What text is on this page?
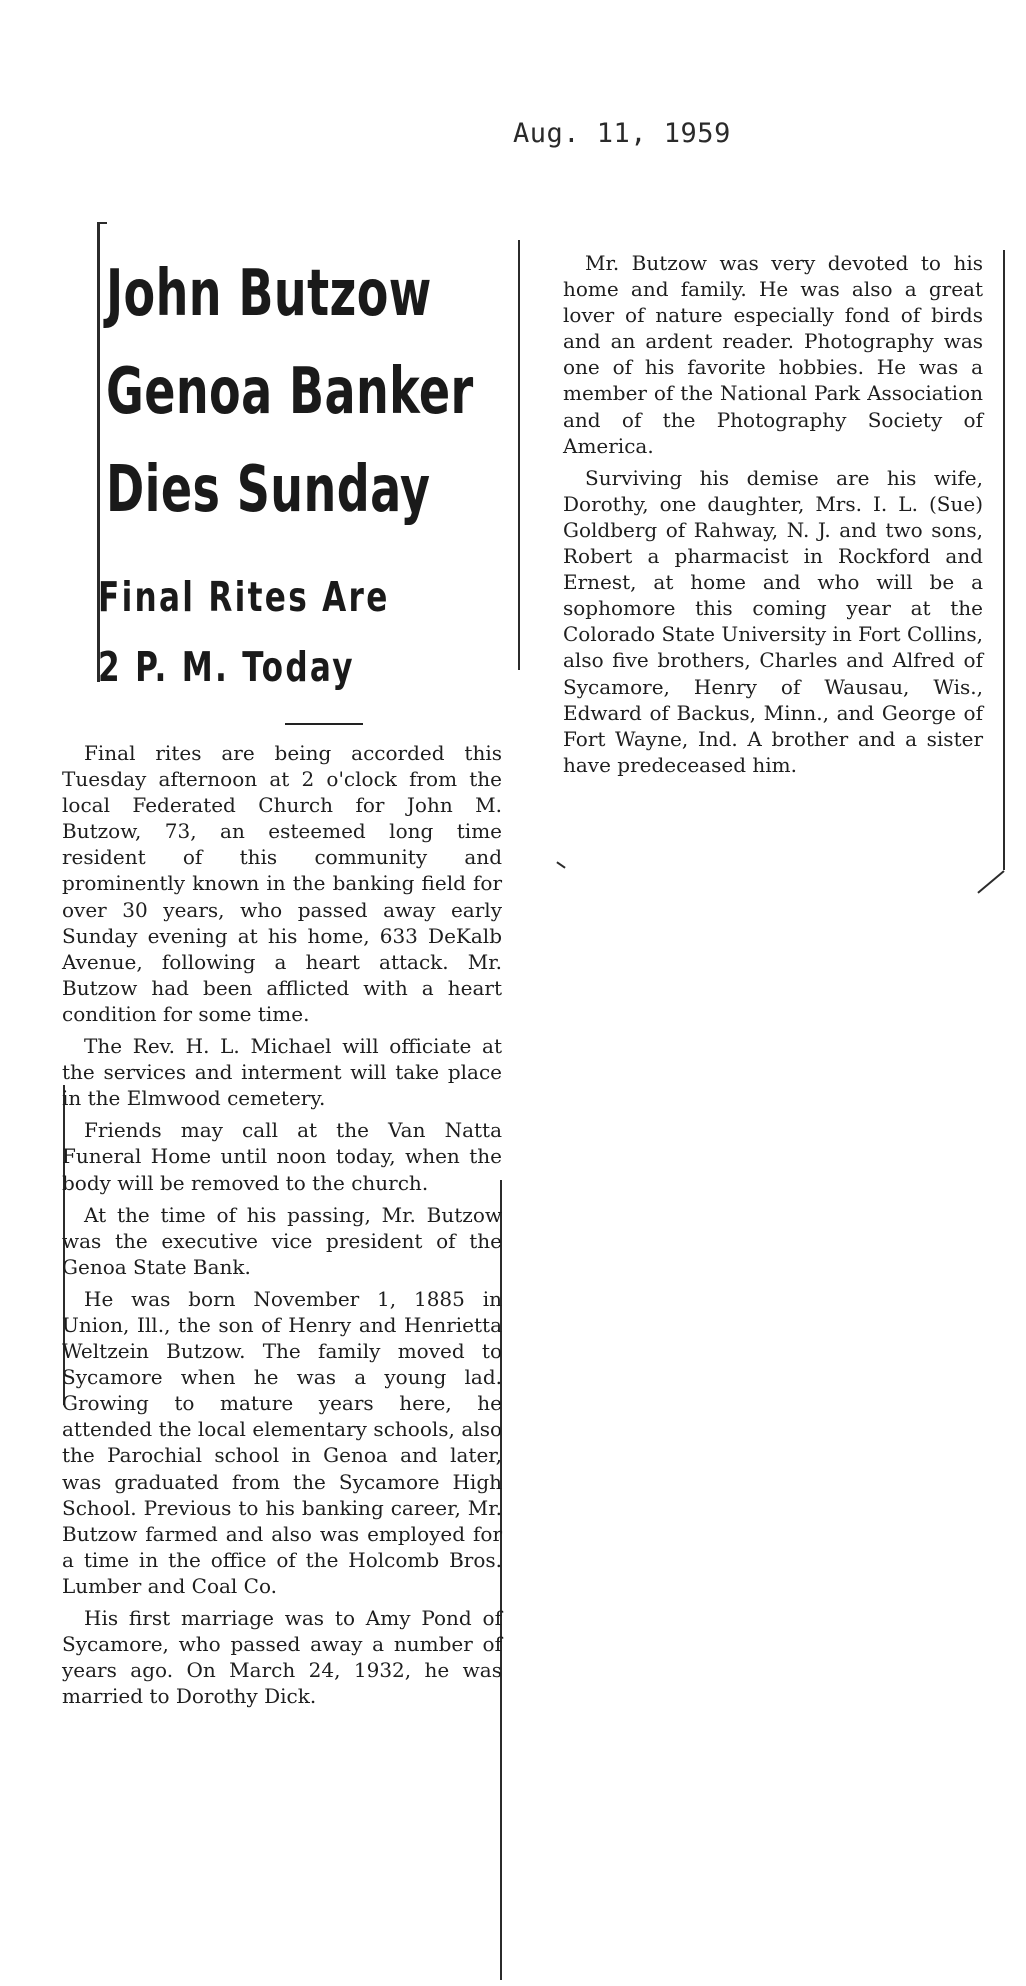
Aug. 11, 1959
John Butzow
Genoa Banker
Dies Sunday
Final Rites Are
2 P. M. Today

Final rites are being accorded this Tuesday afternoon at 2 o'clock from the local Federated Church for John M. Butzow, 73, an esteemed long time resident of this community and prominently known in the banking field for over 30 years, who passed away early Sunday evening at his home, 633 DeKalb Avenue, following a heart attack. Mr. Butzow had been afflicted with a heart condition for some time.

The Rev. H. L. Michael will officiate at the services and interment will take place in the Elmwood cemetery.

Friends may call at the Van Natta Funeral Home until noon today, when the body will be removed to the church.

At the time of his passing, Mr. Butzow was the executive vice president of the Genoa State Bank.

He was born November 1, 1885 in Union, Ill., the son of Henry and Henrietta Weltzein Butzow. The family moved to Sycamore when he was a young lad. Growing to mature years here, he attended the local elementary schools, also the Parochial school in Genoa and later, was graduated from the Sycamore High School. Previous to his banking career, Mr. Butzow farmed and also was employed for a time in the office of the Holcomb Bros. Lumber and Coal Co.

His first marriage was to Amy Pond of Sycamore, who passed away a number of years ago. On March 24, 1932, he was married to Dorothy Dick.

Mr. Butzow was very devoted to his home and family. He was also a great lover of nature especially fond of birds and an ardent reader. Photography was one of his favorite hobbies. He was a member of the National Park Association and of the Photography Society of America.

Surviving his demise are his wife, Dorothy, one daughter, Mrs. I. L. (Sue) Goldberg of Rahway, N. J. and two sons, Robert a pharmacist in Rockford and Ernest, at home and who will be a sophomore this coming year at the Colorado State University in Fort Collins, also five brothers, Charles and Alfred of Sycamore, Henry of Wausau, Wis., Edward of Backus, Minn., and George of Fort Wayne, Ind. A brother and a sister have predeceased him.
